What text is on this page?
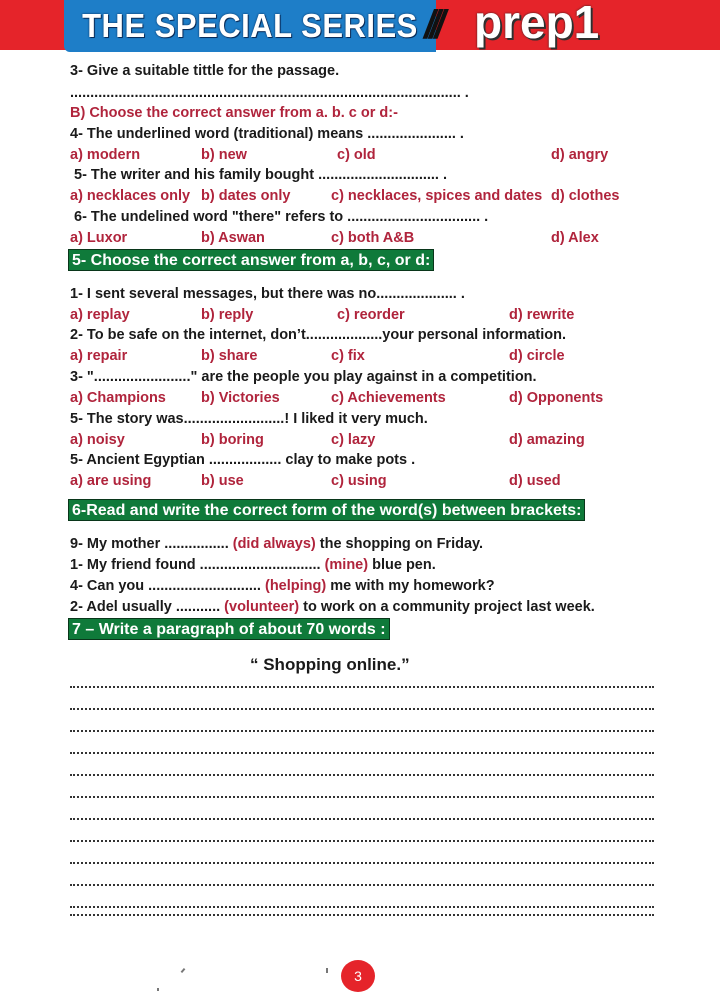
THE SPECIAL SERIES /// prep1
3- Give a suitable tittle for the passage.
................................................................................................. .
B) Choose the correct answer from a. b. c or d:-
4- The underlined word (traditional) means ...................... .
a) modern	b) new	c) old	d) angry
5- The writer and his family bought .............................. .
a) necklaces only b) dates only	c) necklaces, spices and dates d) clothes
6- The undelined word "there" refers to ................................. .
a) Luxor	b) Aswan	c) both A&B	d) Alex
5- Choose the correct answer from a, b, c, or d:
1- I sent several messages, but there was no.................... .
a) replay	b) reply	c) reorder	d) rewrite
2- To be safe on the internet, don’t...................your personal information.
a) repair	b) share	c) fix	d) circle
3- "........................" are the people you play against in a competition.
a) Champions b) Victories	c) Achievements	d) Opponents
5- The story was.........................! I liked it very much.
a) noisy	b) boring	c) lazy	d) amazing
5- Ancient Egyptian .................. clay to make pots .
a) are using	b) use	c) using	d) used
6-Read and write the correct form of the word(s) between brackets:
9- My mother ................ (did always) the shopping on Friday.
1- My friend found .............................. (mine) blue pen.
4- Can you ............................ (helping) me with my homework?
2- Adel usually ........... (volunteer) to work on a community project last week.
7 – Write a paragraph of about 70 words :
“ Shopping online.”
3
